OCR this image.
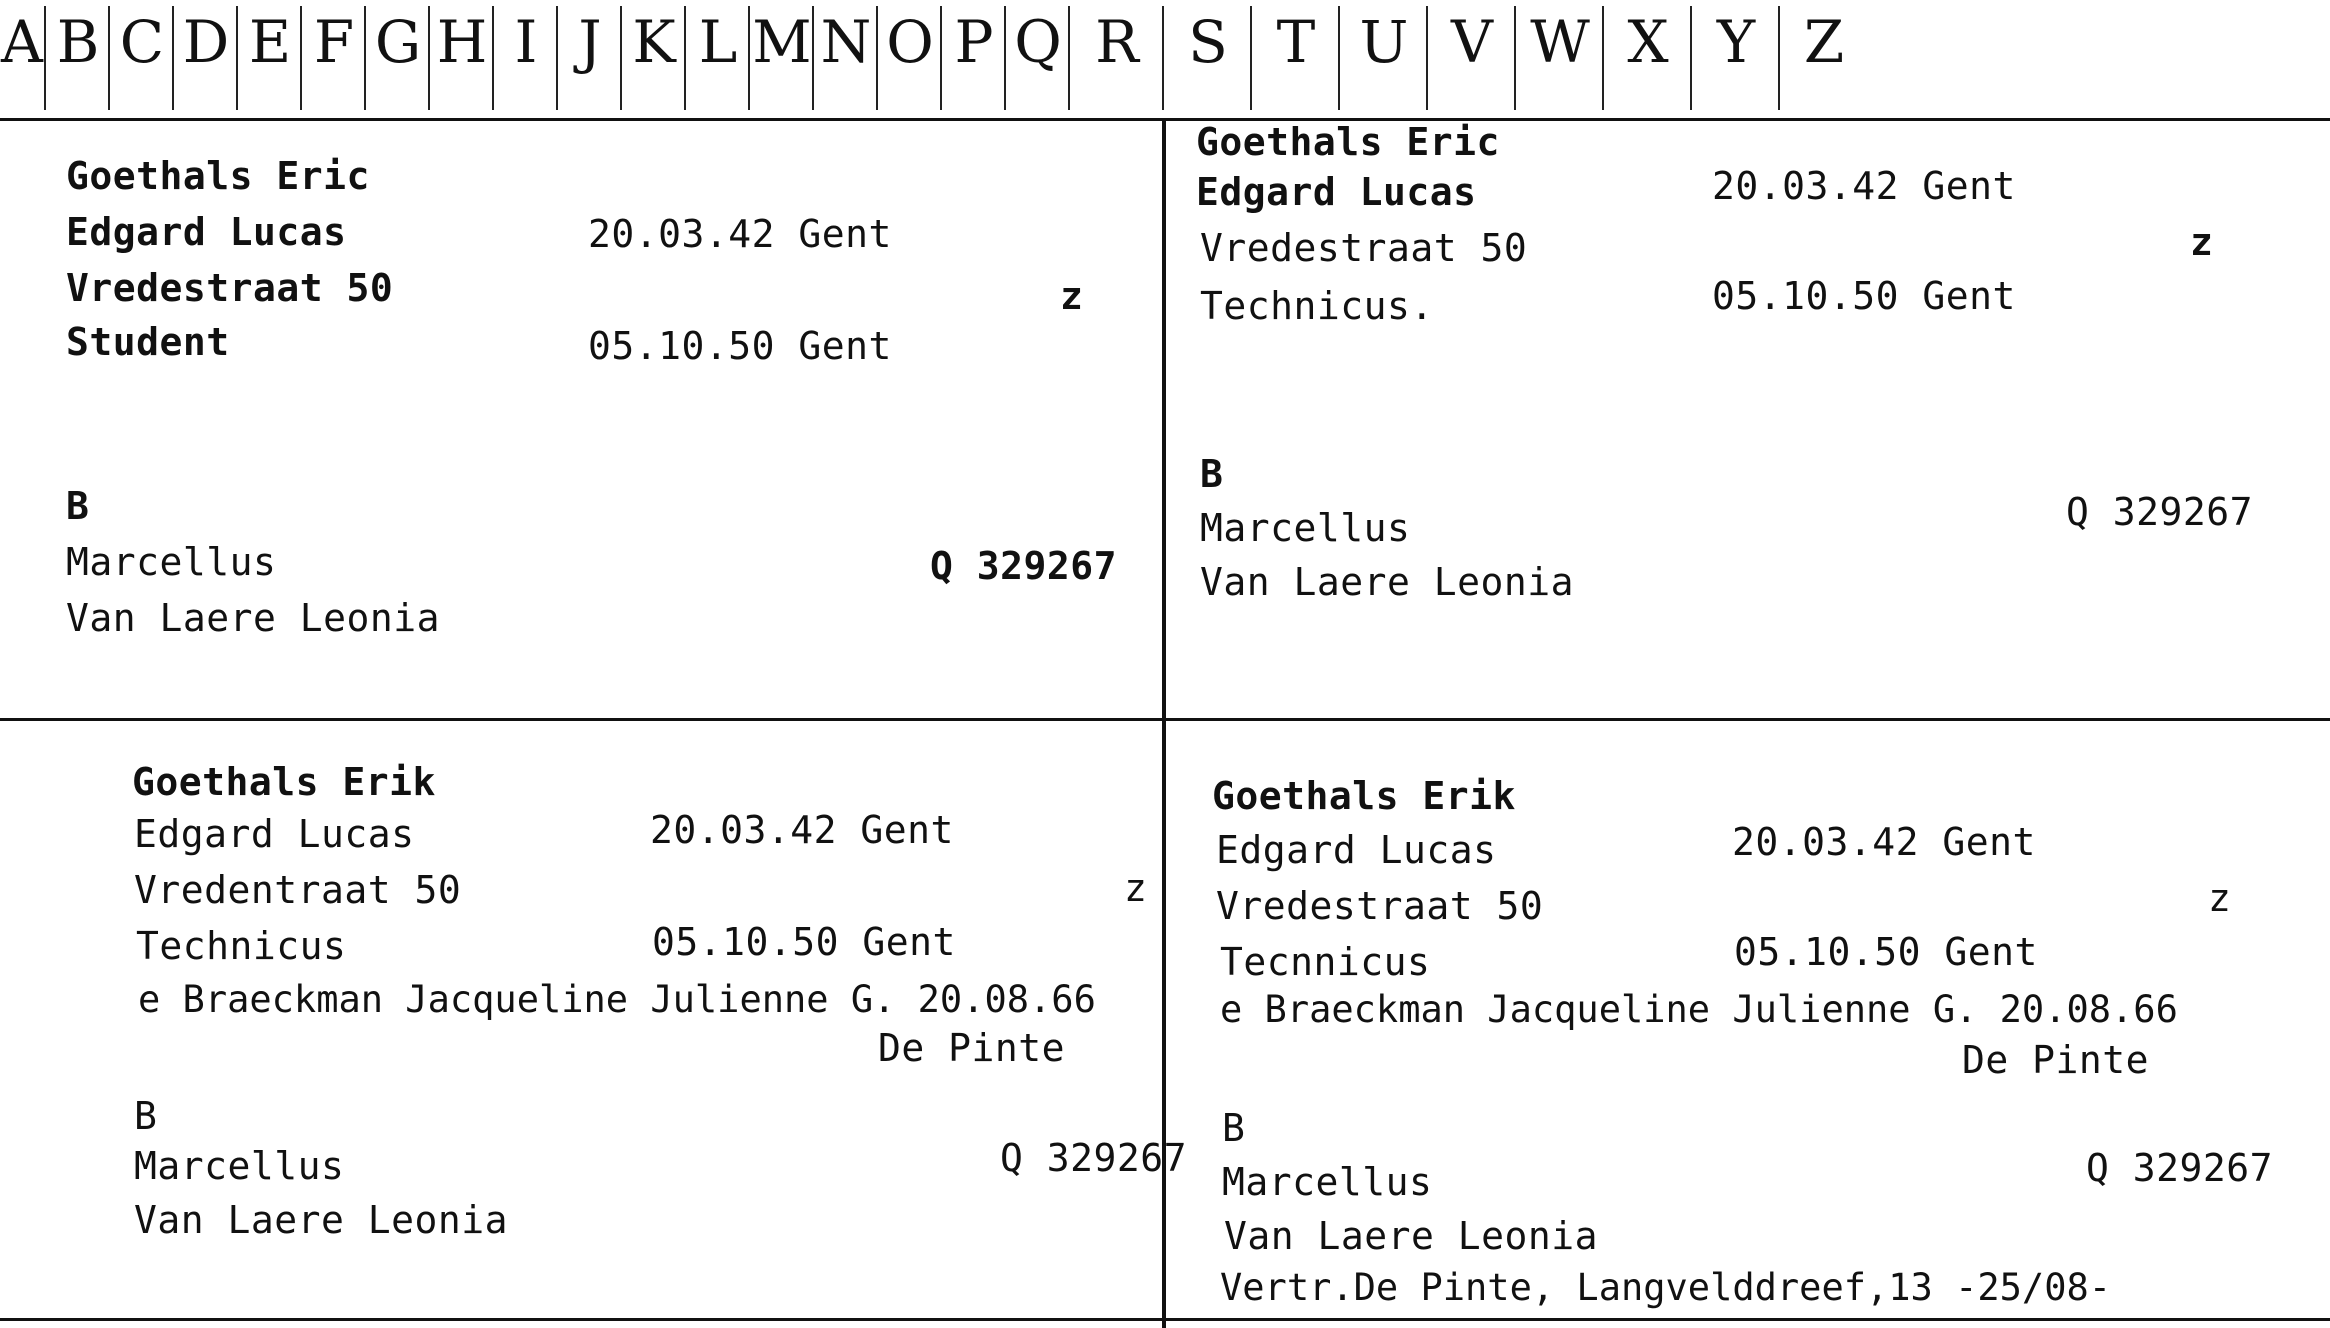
A B C D E F G H I J K L M N O P Q R S T U V W X Y Z
Goethals Eric
Edgard Lucas	20.03.42 Gent
Vredestraat 50	z
Student	05.10.50 Gent
B
Marcellus	Q 329267
Van Laere Leonia
Goethals Eric
Edgard Lucas	20.03.42 Gent
Vredestraat 50	z
Technicus.	05.10.50 Gent
B
Marcellus	Q 329267
Van Laere Leonia
Goethals Erik
Edgard Lucas	20.03.42 Gent
Vredentraat 50	z
Technicus	05.10.50 Gent
e Braeckman Jacqueline Julienne G. 20.08.66
De Pinte
B
Marcellus	Q 329267
Van Laere Leonia
Goethals Erik
Edgard Lucas	20.03.42 Gent
Vredestraat 50	z
Tecnnicus	05.10.50 Gent
e Braeckman Jacqueline Julienne G. 20.08.66
De Pinte
B
Marcellus	Q 329267
Van Laere Leonia
Vertr.De Pinte, Langvelddreef,13 -25/08-
